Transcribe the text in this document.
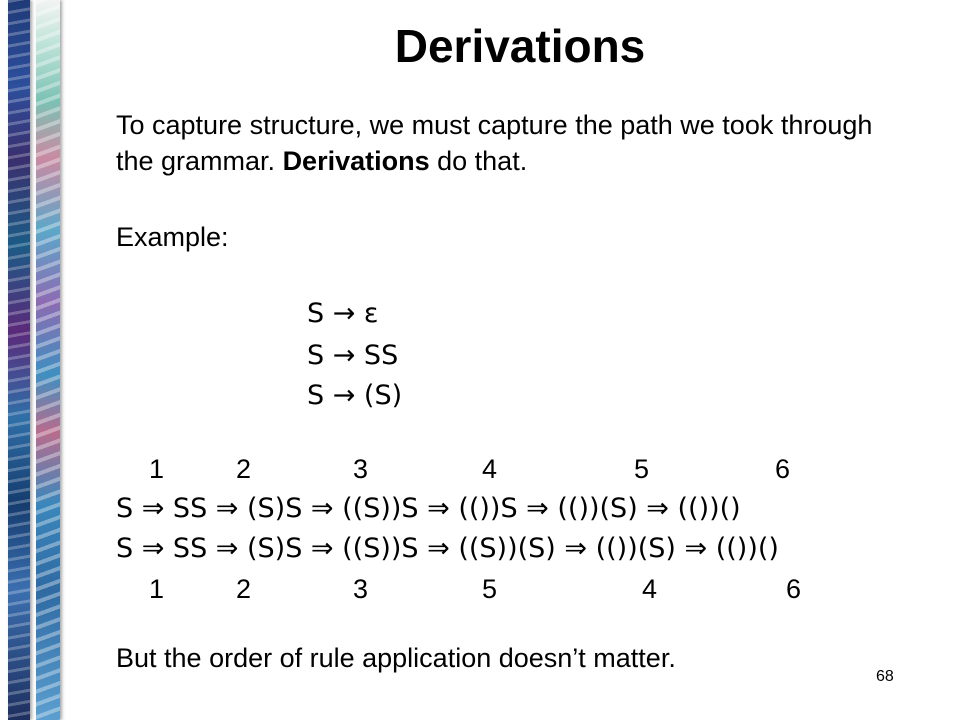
Derivations
To capture structure, we must capture the path we took through the grammar. Derivations do that.
Example:
S → ε
S → SS
S → (S)
1	2	3	4	5	6
S ⇒ SS ⇒ (S)S ⇒ ((S))S ⇒ (())S ⇒ (())(S) ⇒ (())()
S ⇒ SS ⇒ (S)S ⇒ ((S))S ⇒ ((S))(S) ⇒ (())(S) ⇒ (())()
1	2	3	5	4	6
But the order of rule application doesn’t matter.
68
